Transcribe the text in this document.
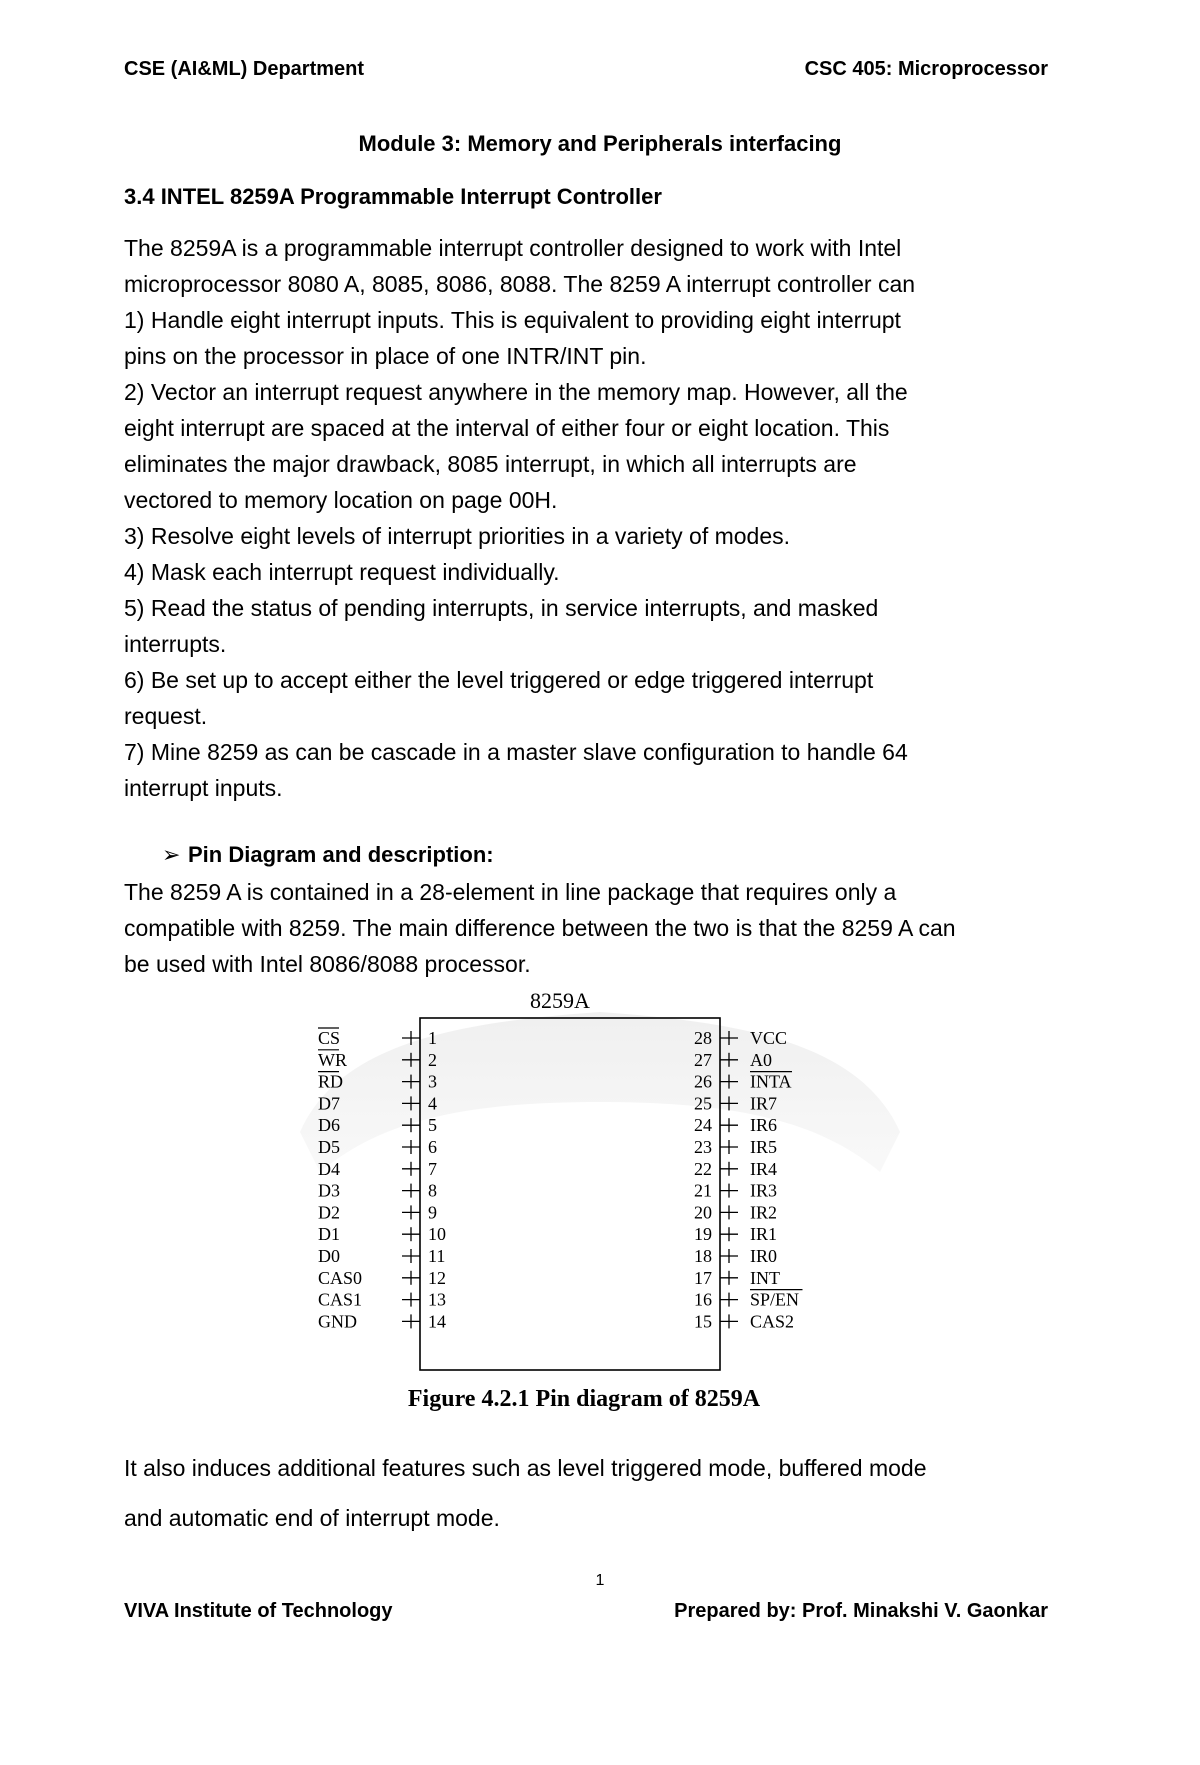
CSE (AI&ML) Department	CSC 405: Microprocessor
Module 3: Memory and Peripherals interfacing
3.4 INTEL 8259A Programmable Interrupt Controller

The 8259A is a programmable interrupt controller designed to work with Intel

microprocessor 8080 A, 8085, 8086, 8088. The 8259 A interrupt controller can

1) Handle eight interrupt inputs. This is equivalent to providing eight interrupt

pins on the processor in place of one INTR/INT pin.

2) Vector an interrupt request anywhere in the memory map. However, all the

eight interrupt are spaced at the interval of either four or eight location. This

eliminates the major drawback, 8085 interrupt, in which all interrupts are

vectored to memory location on page 00H.

3) Resolve eight levels of interrupt priorities in a variety of modes.

4) Mask each interrupt request individually.

5) Read the status of pending interrupts, in service interrupts, and masked

interrupts.

6) Be set up to accept either the level triggered or edge triggered interrupt

request.

7) Mine 8259 as can be cascade in a master slave configuration to handle 64

interrupt inputs.

➢ Pin Diagram and description:

The 8259 A is contained in a 28-element in line package that requires only a

compatible with 8259. The main difference between the two is that the 8259 A can

be used with Intel 8086/8088 processor.

8259A
1
CS
2
WR
3
RD
4
D7
5
D6
6
D5
7
D4
8
D3
9
D2
10
D1
11
D0
12
CAS0
13
CAS1
14
GND
28 VCC
27 A0
26 INTA
25 IR7
24 IR6
23 IR5
22 IR4
21 IR3
20 IR2
19 IR1
18 IR0
17 INT
16 SP/EN
15 CAS2
Figure 4.2.1 Pin diagram of 8259A

It also induces additional features such as level triggered mode, buffered mode

and automatic end of interrupt mode.

1
VIVA Institute of Technology	Prepared by: Prof. Minakshi V. Gaonkar
